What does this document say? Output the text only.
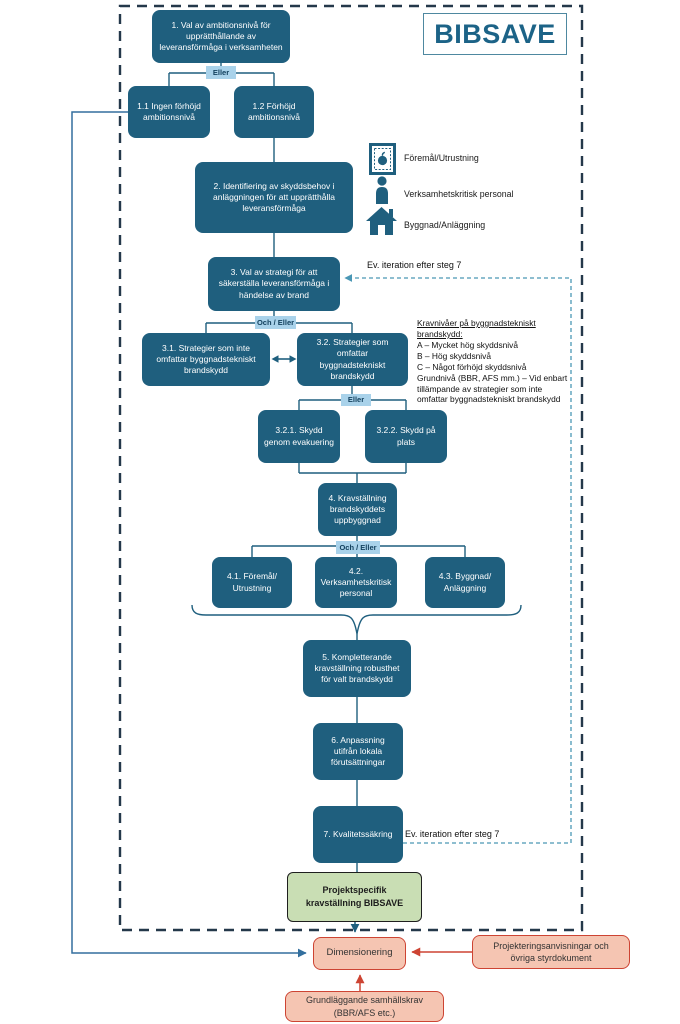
BIBSAVE
1. Val av ambitionsnivå för upprätthållande av leveransförmåga i verksamheten
1.1 Ingen förhöjd ambitionsnivå
1.2 Förhöjd ambitionsnivå
2. Identifiering av skyddsbehov i anläggningen för att upprätthålla leveransförmåga
3. Val av strategi för att säkerställa leveransförmåga i händelse av brand
3.1. Strategier som inte omfattar byggnadstekniskt brandskydd
3.2. Strategier som omfattar byggnadstekniskt brandskydd
3.2.1. Skydd genom evakuering
3.2.2. Skydd på plats
4. Kravställning brandskyddets uppbyggnad
4.1. Föremål/ Utrustning
4.2. Verksamhetskritisk personal
4.3. Byggnad/ Anläggning
5. Kompletterande kravställning robusthet för valt brandskydd
6. Anpassning utifrån lokala förutsättningar
7. Kvalitetssäkring
Projektspecifik kravställning BIBSAVE
Dimensionering
Projekteringsanvisningar och övriga styrdokument
Grundläggande samhällskrav (BBR/AFS etc.)
Eller
Och / Eller
Eller
Och / Eller
Föremål/Utrustning
Verksamhetskritisk personal
Byggnad/Anläggning
Ev. iteration efter steg 7
Ev. iteration efter steg 7
Kravnivåer på byggnadstekniskt brandskydd:
A – Mycket hög skyddsnivå
B – Hög skyddsnivå
C – Något förhöjd skyddsnivå
Grundnivå (BBR, AFS mm.) – Vid enbart tillämpande av strategier som inte omfattar byggnadstekniskt brandskydd
